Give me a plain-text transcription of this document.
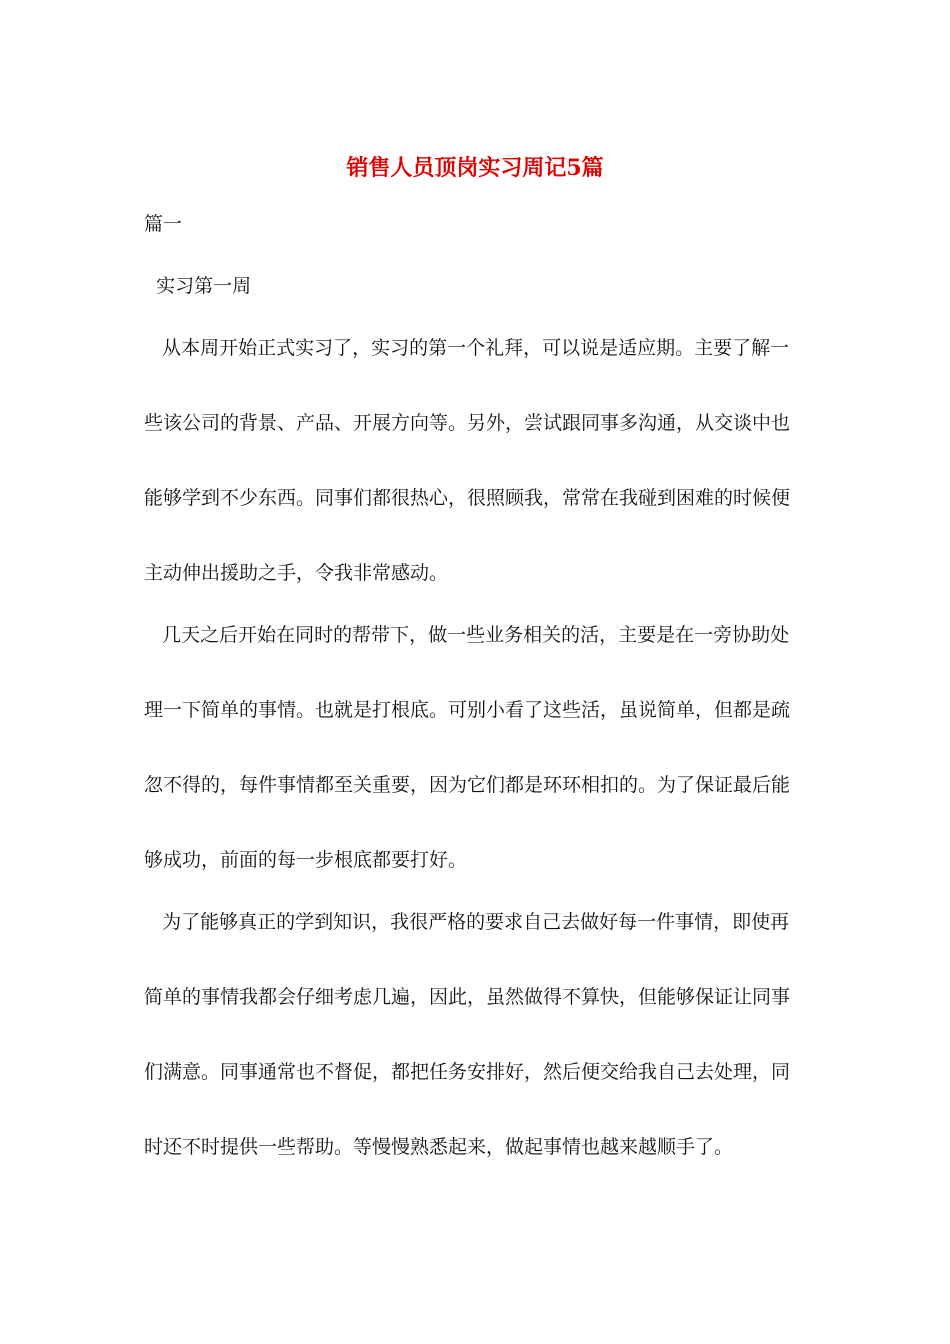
销售人员顶岗实习周记5篇

篇一

实习第一周

从本周开始正式实习了，实习的第一个礼拜，可以说是适应期。主要了解一

些该公司的背景、产品、开展方向等。另外，尝试跟同事多沟通，从交谈中也

能够学到不少东西。同事们都很热心，很照顾我，常常在我碰到困难的时候便

主动伸出援助之手，令我非常感动。

几天之后开始在同时的帮带下，做一些业务相关的活，主要是在一旁协助处

理一下简单的事情。也就是打根底。可别小看了这些活，虽说简单，但都是疏

忽不得的，每件事情都至关重要，因为它们都是环环相扣的。为了保证最后能

够成功，前面的每一步根底都要打好。

为了能够真正的学到知识，我很严格的要求自己去做好每一件事情，即使再

简单的事情我都会仔细考虑几遍，因此，虽然做得不算快，但能够保证让同事

们满意。同事通常也不督促，都把任务安排好，然后便交给我自己去处理，同

时还不时提供一些帮助。等慢慢熟悉起来，做起事情也越来越顺手了。
